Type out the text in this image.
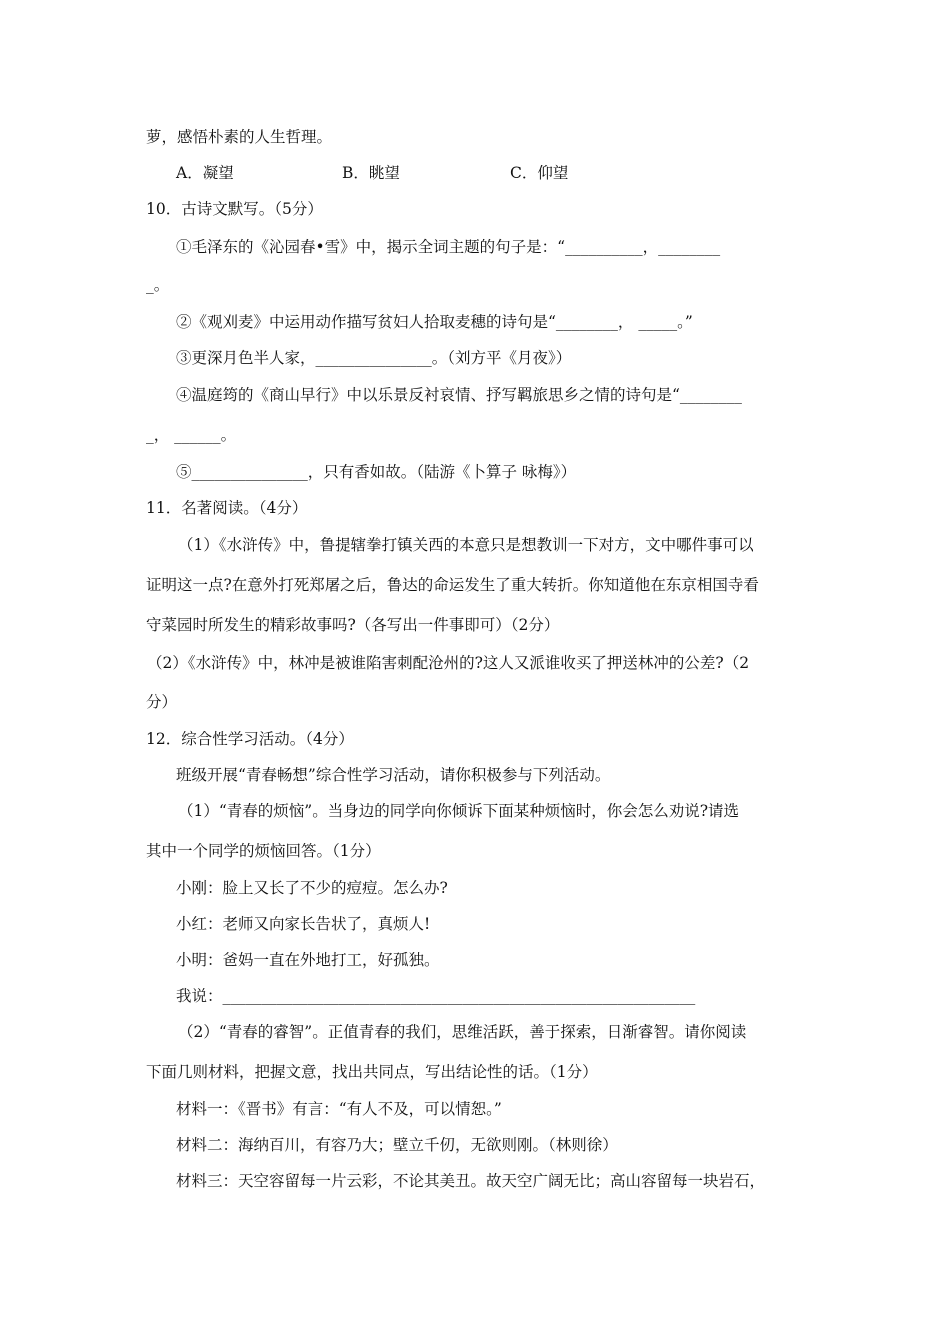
萝，感悟朴素的人生哲理。
A．凝望	B．眺望	C．仰望
10．古诗文默写。（5分）
①毛泽东的《沁园春•雪》中，揭示全词主题的句子是：“__________，________
_。
②《观刈麦》中运用动作描写贫妇人拾取麦穗的诗句是“________， _____。”
③更深月色半人家，_______________。（刘方平《月夜》）
④温庭筠的《商山早行》中以乐景反衬哀情、抒写羁旅思乡之情的诗句是“________
_， ______。
⑤_______________，只有香如故。（陆游《卜算子 咏梅》）
11．名著阅读。（4分）
（1）《水浒传》中，鲁提辖拳打镇关西的本意只是想教训一下对方，文中哪件事可以
证明这一点?在意外打死郑屠之后，鲁达的命运发生了重大转折。你知道他在东京相国寺看
守菜园时所发生的精彩故事吗?（各写出一件事即可）（2分）
（2）《水浒传》中，林冲是被谁陷害刺配沧州的?这人又派谁收买了押送林冲的公差?（2
分）
12．综合性学习活动。（4分）
班级开展“青春畅想”综合性学习活动，请你积极参与下列活动。
（1）“青春的烦恼”。当身边的同学向你倾诉下面某种烦恼时，你会怎么劝说?请选
其中一个同学的烦恼回答。（1分）
小刚：脸上又长了不少的痘痘。怎么办?
小红：老师又向家长告状了，真烦人!
小明：爸妈一直在外地打工，好孤独。
我说：_____________________________________________________________
（2）“青春的睿智”。正值青春的我们，思维活跃，善于探索，日渐睿智。请你阅读
下面几则材料，把握文意，找出共同点，写出结论性的话。（1分）
材料一：《晋书》有言：“有人不及，可以情恕。”
材料二：海纳百川，有容乃大；壁立千仞，无欲则刚。（林则徐）
材料三：天空容留每一片云彩，不论其美丑。故天空广阔无比；高山容留每一块岩石，
